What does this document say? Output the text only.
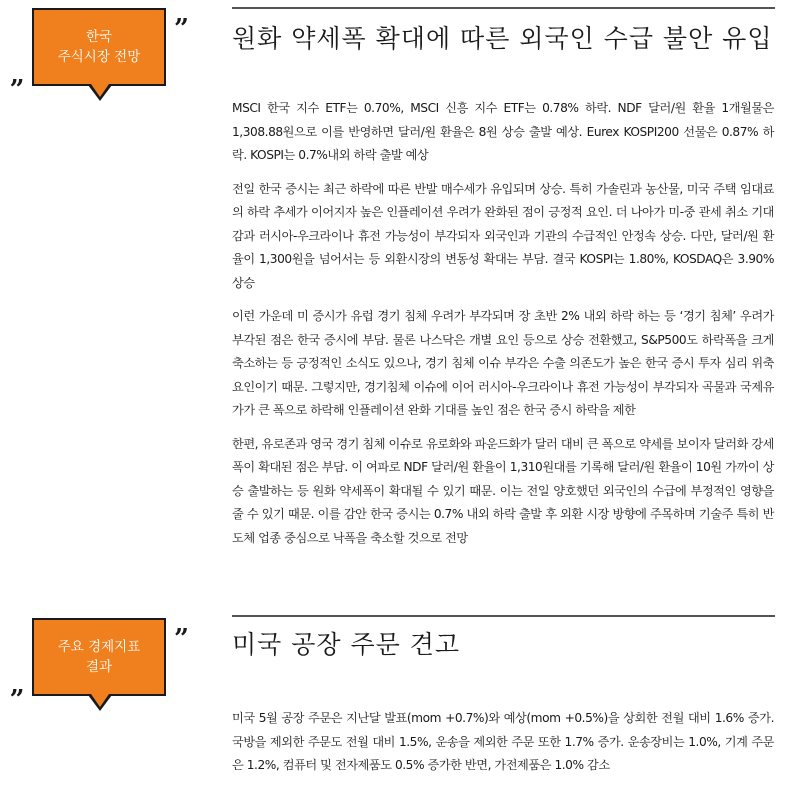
”
한국
주식시장 전망
„
원화 약세폭 확대에 따른 외국인 수급 불안 유입

MSCI 한국 지수 ETF는 0.70%, MSCI 신흥 지수 ETF는 0.78% 하락. NDF 달러/원 환율 1개월물은 1,308.88원으로 이를 반영하면 달러/원 환율은 8원 상승 출발 예상. Eurex KOSPI200 선물은 0.87% 하락. KOSPI는 0.7%내외 하락 출발 예상

전일 한국 증시는 최근 하락에 따른 반발 매수세가 유입되며 상승. 특히 가솔린과 농산물, 미국 주택 임대료의 하락 추세가 이어지자 높은 인플레이션 우려가 완화된 점이 긍정적 요인. 더 나아가 미-중 관세 취소 기대감과 러시아-우크라이나 휴전 가능성이 부각되자 외국인과 기관의 수급적인 안정속 상승. 다만, 달러/원 환율이 1,300원을 넘어서는 등 외환시장의 변동성 확대는 부담. 결국 KOSPI는 1.80%, KOSDAQ은 3.90% 상승

이런 가운데 미 증시가 유럽 경기 침체 우려가 부각되며 장 초반 2% 내외 하락 하는 등 ‘경기 침체’ 우려가 부각된 점은 한국 증시에 부담. 물론 나스닥은 개별 요인 등으로 상승 전환했고, S&P500도 하락폭을 크게 축소하는 등 긍정적인 소식도 있으나, 경기 침체 이슈 부각은 수출 의존도가 높은 한국 증시 투자 심리 위축 요인이기 때문. 그렇지만, 경기침체 이슈에 이어 러시아-우크라이나 휴전 가능성이 부각되자 곡물과 국제유가가 큰 폭으로 하락해 인플레이션 완화 기대를 높인 점은 한국 증시 하락을 제한

한편, 유로존과 영국 경기 침체 이슈로 유로화와 파운드화가 달러 대비 큰 폭으로 약세를 보이자 달러화 강세폭이 확대된 점은 부담. 이 여파로 NDF 달러/원 환율이 1,310원대를 기록해 달러/원 환율이 10원 가까이 상승 출발하는 등 원화 약세폭이 확대될 수 있기 때문. 이는 전일 양호했던 외국인의 수급에 부정적인 영향을 줄 수 있기 때문. 이를 감안 한국 증시는 0.7% 내외 하락 출발 후 외환 시장 방향에 주목하며 기술주 특히 반도체 업종 중심으로 낙폭을 축소할 것으로 전망

”
주요 경제지표
결과
„
미국 공장 주문 견고

미국 5월 공장 주문은 지난달 발표(mom +0.7%)와 예상(mom +0.5%)을 상회한 전월 대비 1.6% 증가. 국방을 제외한 주문도 전월 대비 1.5%, 운송을 제외한 주문 또한 1.7% 증가. 운송장비는 1.0%, 기계 주문은 1.2%, 컴퓨터 및 전자제품도 0.5% 증가한 반면, 가전제품은 1.0% 감소
